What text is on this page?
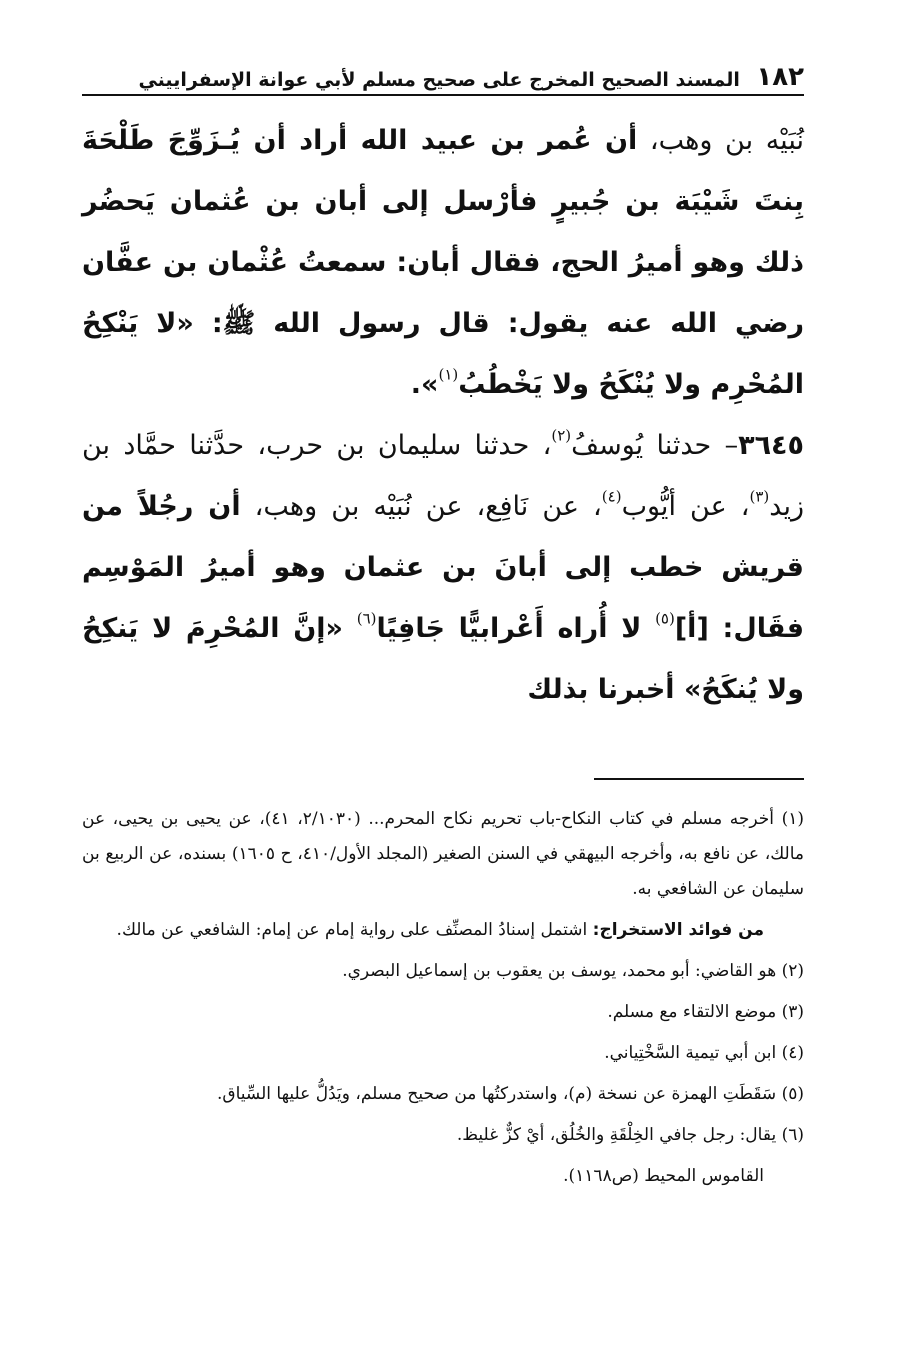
١٨٢
المسند الصحيح المخرج على صحيح مسلم لأبي عوانة الإسفراييني

نُبَيْه بن وهب، أن عُمر بن عبيد الله أراد أن يُـزَوِّجَ طَلْحَةَ بِنتَ شَيْبَة بن جُبيرٍ فأرْسل إلى أبان بن عُثمان يَحضُر ذلك وهو أميرُ الحج، فقال أبان: سمعتُ عُثْمان بن عفَّان رضي الله عنه يقول: قال رسول الله ﷺ: «لا يَنْكِحُ المُحْرِم ولا يُنْكَحُ ولا يَخْطُبُ$^{(١)}$».

٣٦٤٥– حدثنا يُوسفُ$^{(٢)}$، حدثنا سليمان بن حرب، حدَّثنا حمَّاد بن زيد$^{(٣)}$، عن أيُّوب$^{(٤)}$، عن نَافِع، عن نُبَيْه بن وهب، أن رجُلاً من قريش خطب إلى أبانَ بن عثمان وهو أميرُ المَوْسِم فقَال: [أ]$^{(٥)}$ لا أُراه أَعْرابيًّا جَافِيًا$^{(٦)}$ «إنَّ المُحْرِمَ لا يَنكِحُ ولا يُنكَحُ» أخبرنا بذلك

(١) أخرجه مسلم في كتاب النكاح-باب تحريم نكاح المحرم... (٢/١٠٣٠، ٤١)، عن يحيى بن يحيى، عن مالك، عن نافع به، وأخرجه البيهقي في السنن الصغير (المجلد الأول/٤١٠، ح ١٦٠٥) بسنده، عن الربيع بن سليمان عن الشافعي به.

من فوائد الاستخراج: اشتمل إسنادُ المصنِّف على رواية إمام عن إمام: الشافعي عن مالك.

(٢) هو القاضي: أبو محمد، يوسف بن يعقوب بن إسماعيل البصري.

(٣) موضع الالتقاء مع مسلم.

(٤) ابن أبي تيمية السَّخْتِياني.

(٥) سَقَطَتِ الهمزة عن نسخة (م)، واستدركتُها من صحيح مسلم، ويَدُلُّ عليها السِّياق.

(٦) يقال: رجل جافي الخِلْقَةِ والخُلُق، أيْ كزٌّ غليظ.

القاموس المحيط (ص١١٦٨).
